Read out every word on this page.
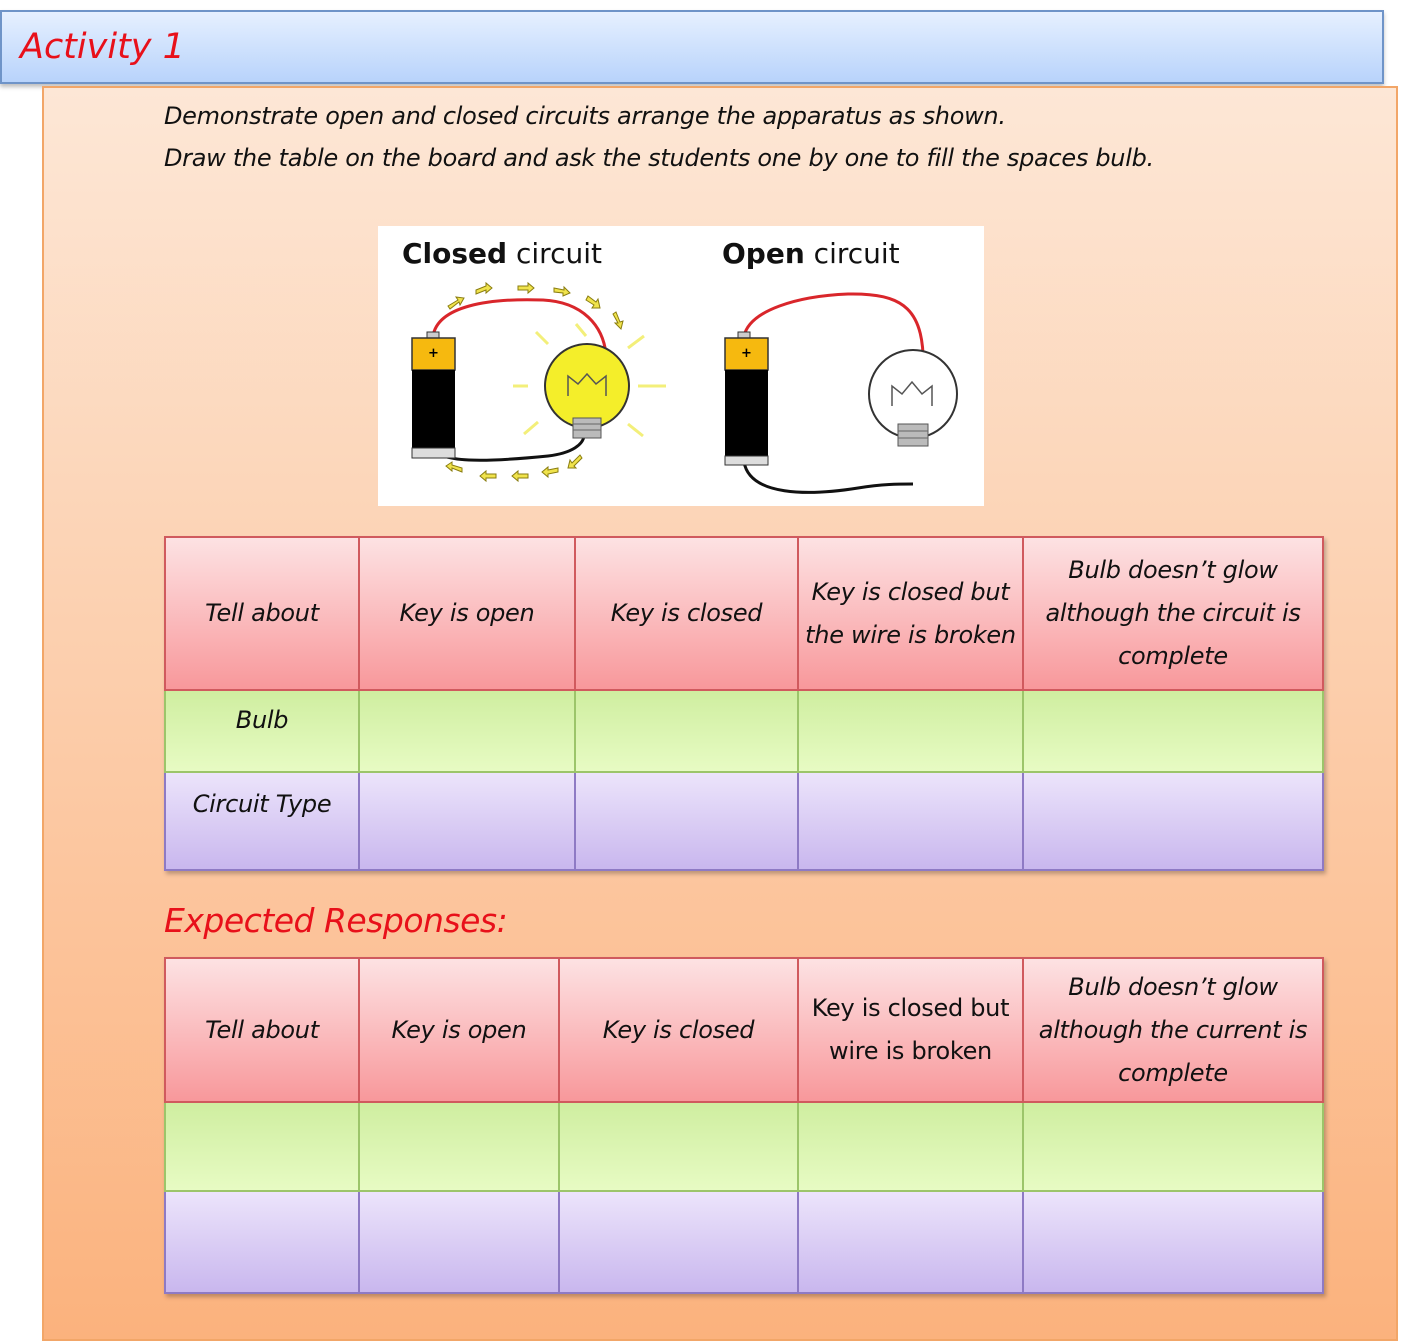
Activity 1
Demonstrate open and closed circuits arrange the apparatus as shown.
Draw the table on the board and ask the students one by one to fill the spaces bulb.
Closed circuit	Open circuit
+	+
Tell about	Key is open	Key is closed	Key is closed but the wire is broken	Bulb doesn’t glow although the circuit is complete
Bulb				
Circuit Type				
Expected Responses:
Tell about	Key is open	Key is closed	Key is closed but wire is broken	Bulb doesn’t glow although the current is complete
